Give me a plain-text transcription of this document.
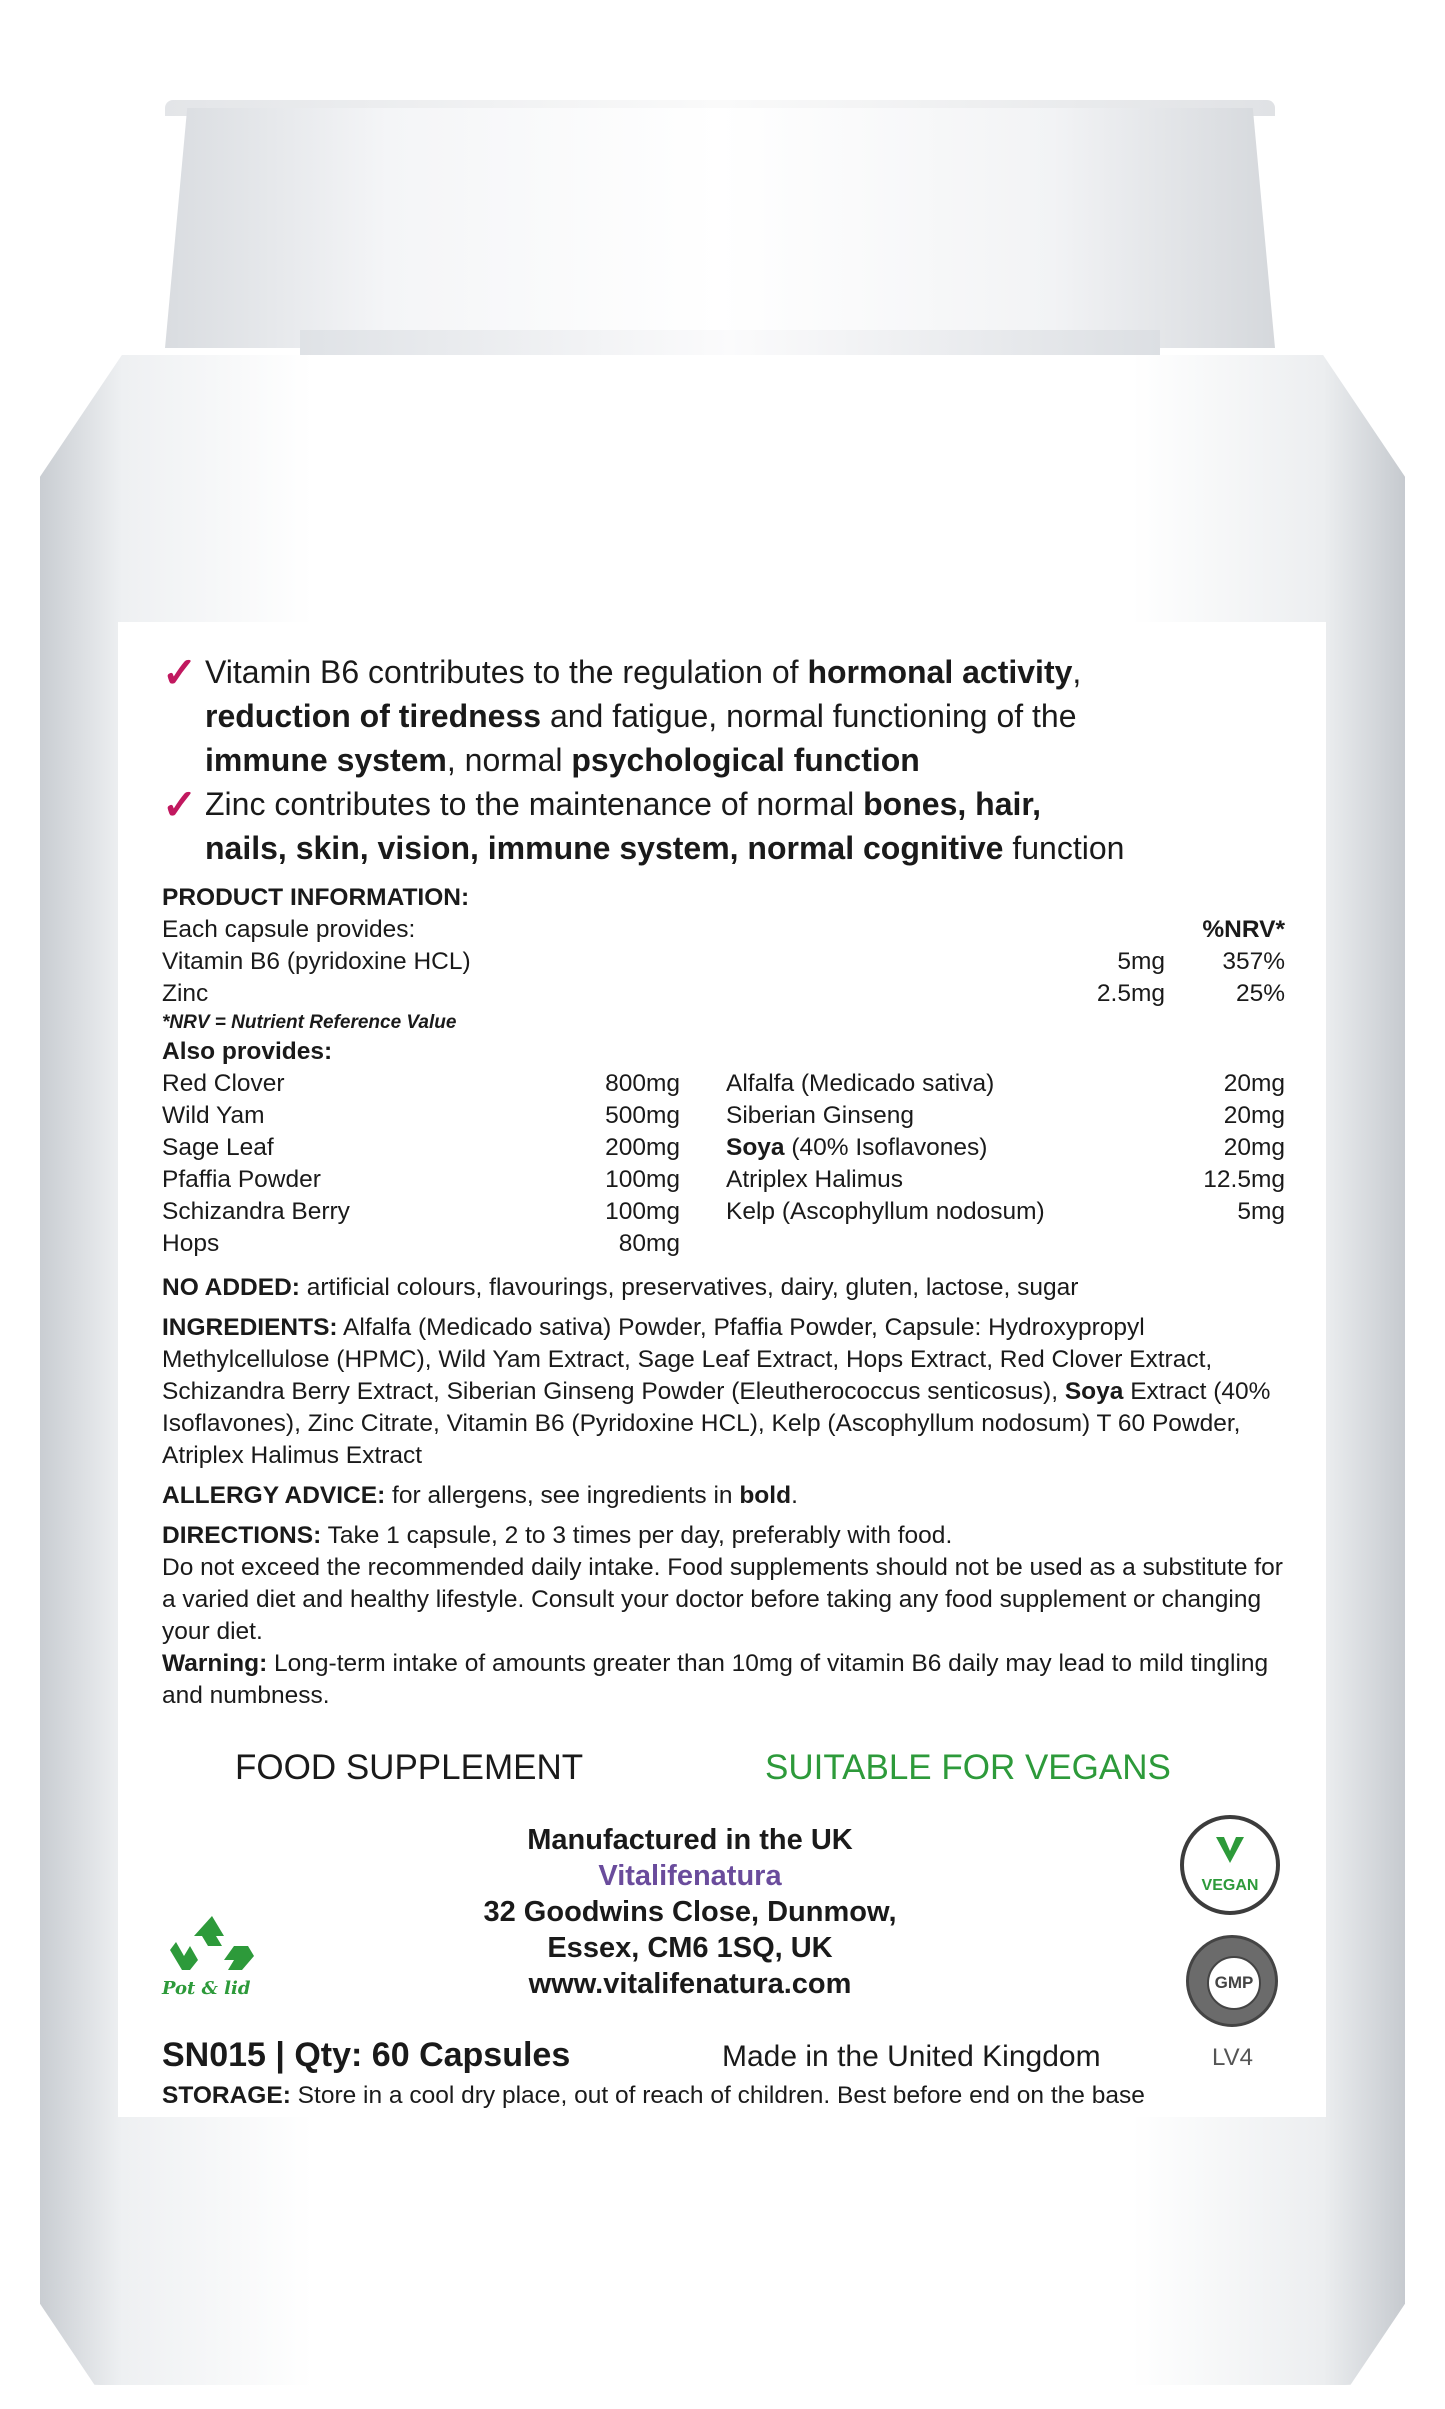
✓ Vitamin B6 contributes to the regulation of hormonal activity,
reduction of tiredness and fatigue, normal functioning of the
immune system, normal psychological function
✓ Zinc contributes to the maintenance of normal bones, hair,
nails, skin, vision, immune system, normal cognitive function
PRODUCT INFORMATION:
Each capsule provides:	%NRV*
Vitamin B6 (pyridoxine HCL)	5mg	357%
Zinc	2.5mg	25%
*NRV = Nutrient Reference Value
Also provides:
Red Clover	800mg
Wild Yam	500mg
Sage Leaf	200mg
Pfaffia Powder	100mg
Schizandra Berry	100mg
Hops	80mg
Alfalfa (Medicado sativa)	20mg
Siberian Ginseng	20mg
Soya (40% Isoflavones)	20mg
Atriplex Halimus	12.5mg
Kelp (Ascophyllum nodosum)	5mg
NO ADDED: artificial colours, flavourings, preservatives, dairy, gluten, lactose, sugar
INGREDIENTS: Alfalfa (Medicado sativa) Powder, Pfaffia Powder, Capsule: Hydroxypropyl Methylcellulose (HPMC), Wild Yam Extract, Sage Leaf Extract, Hops Extract, Red Clover Extract, Schizandra Berry Extract, Siberian Ginseng Powder (Eleutherococcus senticosus), Soya Extract (40% Isoflavones), Zinc Citrate, Vitamin B6 (Pyridoxine HCL), Kelp (Ascophyllum nodosum) T 60 Powder, Atriplex Halimus Extract
ALLERGY ADVICE: for allergens, see ingredients in bold.
DIRECTIONS: Take 1 capsule, 2 to 3 times per day, preferably with food.
Do not exceed the recommended daily intake. Food supplements should not be used as a substitute for a varied diet and healthy lifestyle. Consult your doctor before taking any food supplement or changing your diet.
Warning: Long-term intake of amounts greater than 10mg of vitamin B6 daily may lead to mild tingling and numbness.
FOOD SUPPLEMENT	SUITABLE FOR VEGANS
Manufactured in the UK
Vitalifenatura
32 Goodwins Close, Dunmow,
Essex, CM6 1SQ, UK
www.vitalifenatura.com
Pot & lid
VEGAN
GMP
SN015 | Qty: 60 Capsules	Made in the United Kingdom	LV4
STORAGE: Store in a cool dry place, out of reach of children. Best before end on the base
